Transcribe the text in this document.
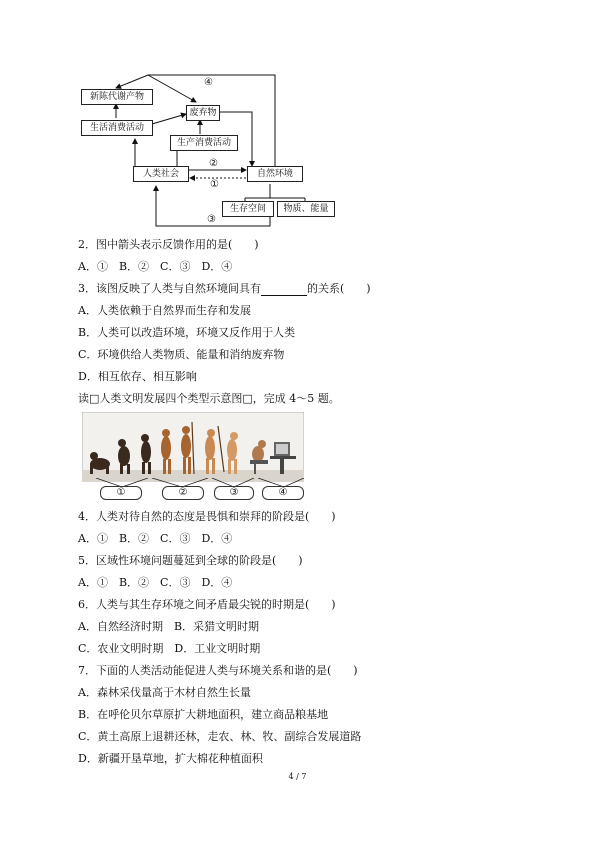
新陈代谢产物
废弃物
生活消费活动
生产消费活动
人类社会	自然环境
生存空间	物质、能量
④
②
①
③
2．图中箭头表示反馈作用的是(　　)
A．①　B．②　C．③　D．④
3．该图反映了人类与自然环境间具有	的关系(　　)
A．人类依赖于自然界而生存和发展
B．人类可以改造环境，环境又反作用于人类
C．环境供给人类物质、能量和消纳废弃物
D．相互依存、相互影响
读□人类文明发展四个类型示意图□，完成 4～5 题。
①	②	③	④
4．人类对待自然的态度是畏惧和崇拜的阶段是(　　)
A．①　B．②　C．③　D．④
5．区域性环境问题蔓延到全球的阶段是(　　)
A．①　B．②　C．③　D．④
6．人类与其生存环境之间矛盾最尖锐的时期是(　　)
A．自然经济时期　B．采猎文明时期
C．农业文明时期　D．工业文明时期
7．下面的人类活动能促进人类与环境关系和谐的是(　　)
A．森林采伐量高于木材自然生长量
B．在呼伦贝尔草原扩大耕地面积，建立商品粮基地
C．黄土高原上退耕还林，走农、林、牧、副综合发展道路
D．新疆开垦草地，扩大棉花种植面积
4 / 7
